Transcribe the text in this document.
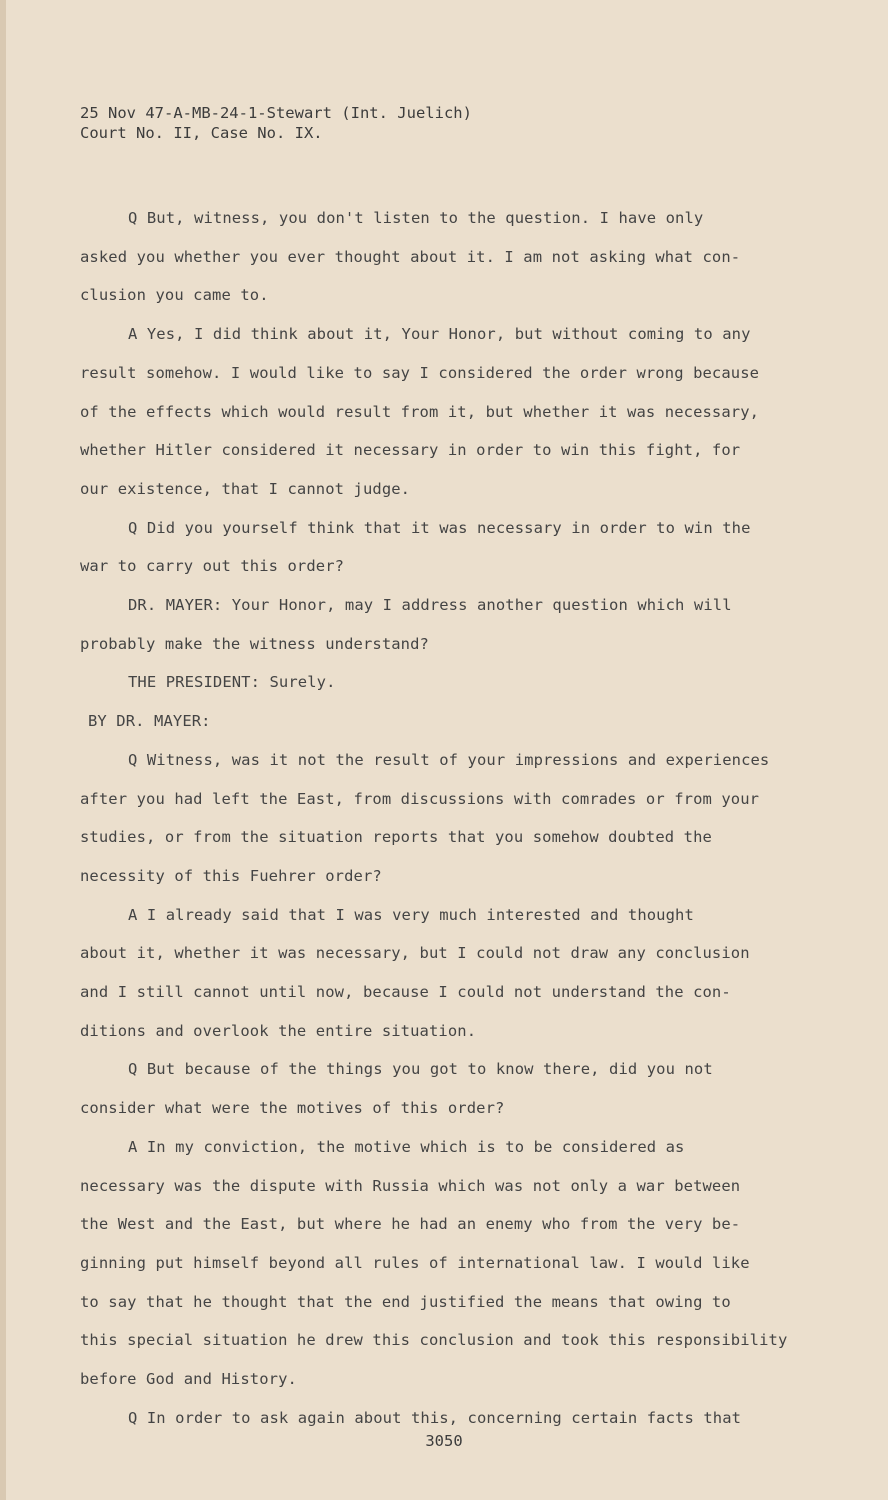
25 Nov 47-A-MB-24-1-Stewart (Int. Juelich)
Court No. II, Case No. IX.
Q But, witness, you don't listen to the question. I have only
asked you whether you ever thought about it. I am not asking what con-
clusion you came to.
A Yes, I did think about it, Your Honor, but without coming to any
result somehow. I would like to say I considered the order wrong because
of the effects which would result from it, but whether it was necessary,
whether Hitler considered it necessary in order to win this fight, for
our existence, that I cannot judge.
Q Did you yourself think that it was necessary in order to win the
war to carry out this order?
DR. MAYER: Your Honor, may I address another question which will
probably make the witness understand?
THE PRESIDENT: Surely.
BY DR. MAYER:
Q Witness, was it not the result of your impressions and experiences
after you had left the East, from discussions with comrades or from your
studies, or from the situation reports that you somehow doubted the
necessity of this Fuehrer order?
A I already said that I was very much interested and thought
about it, whether it was necessary, but I could not draw any conclusion
and I still cannot until now, because I could not understand the con-
ditions and overlook the entire situation.
Q But because of the things you got to know there, did you not
consider what were the motives of this order?
A In my conviction, the motive which is to be considered as
necessary was the dispute with Russia which was not only a war between
the West and the East, but where he had an enemy who from the very be-
ginning put himself beyond all rules of international law. I would like
to say that he thought that the end justified the means that owing to
this special situation he drew this conclusion and took this responsibility
before God and History.
Q In order to ask again about this, concerning certain facts that
3050
